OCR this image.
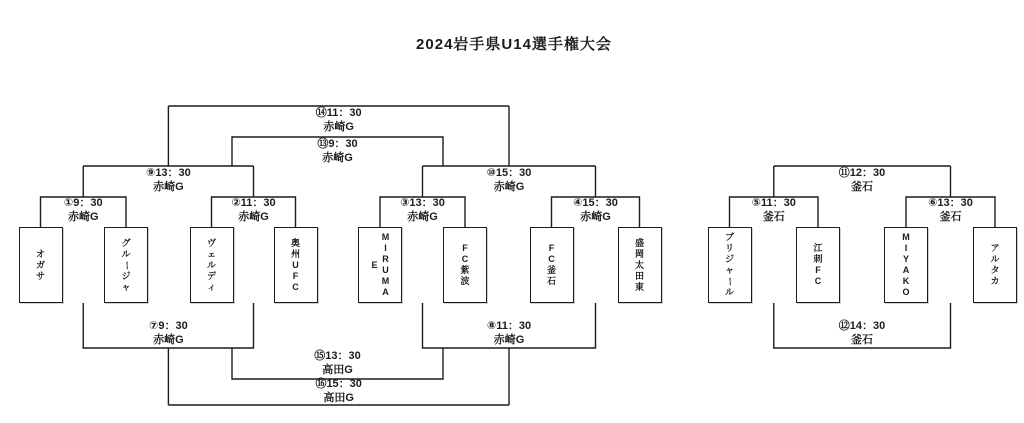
2024岩手県U14選手権大会
オ
ガ
サ
グ
ル
ー
ジ
ャ
ヴ
ェ
ル
デ
ィ
奥
州
U
F
C
M
I
R
U
M
A
E
F
C
紫
波
F
C
釜
石
盛
岡
太
田
東
ブ
リ
ジ
ャ
ー
ル
江
刺
F
C
M
I
Y
A
K
O
ア
ル
タ
カ
①9：30
赤崎G
②11：30
赤崎G
③13：30
赤崎G
④15：30
赤崎G
⑤11：30
釜石
⑥13：30
釜石
⑨13：30
赤崎G
⑩15：30
赤崎G
⑪12：30
釜石
⑬9：30
赤崎G
⑭11：30
赤崎G
⑦9：30
赤崎G
⑧11：30
赤崎G
⑫14：30
釜石
⑮13：30
高田G
⑯15：30
高田G
